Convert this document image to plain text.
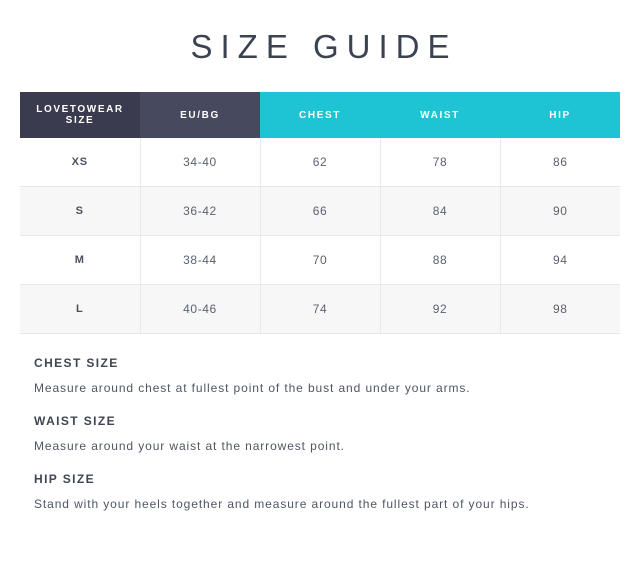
SIZE GUIDE
LOVETOWEAR SIZE	EU/BG	CHEST	WAIST	HIP
XS	34-40	62	78	86
S	36-42	66	84	90
M	38-44	70	88	94
L	40-46	74	92	98
CHEST SIZE
Measure around chest at fullest point of the bust and under your arms.
WAIST SIZE
Measure around your waist at the narrowest point.
HIP SIZE
Stand with your heels together and measure around the fullest part of your hips.
